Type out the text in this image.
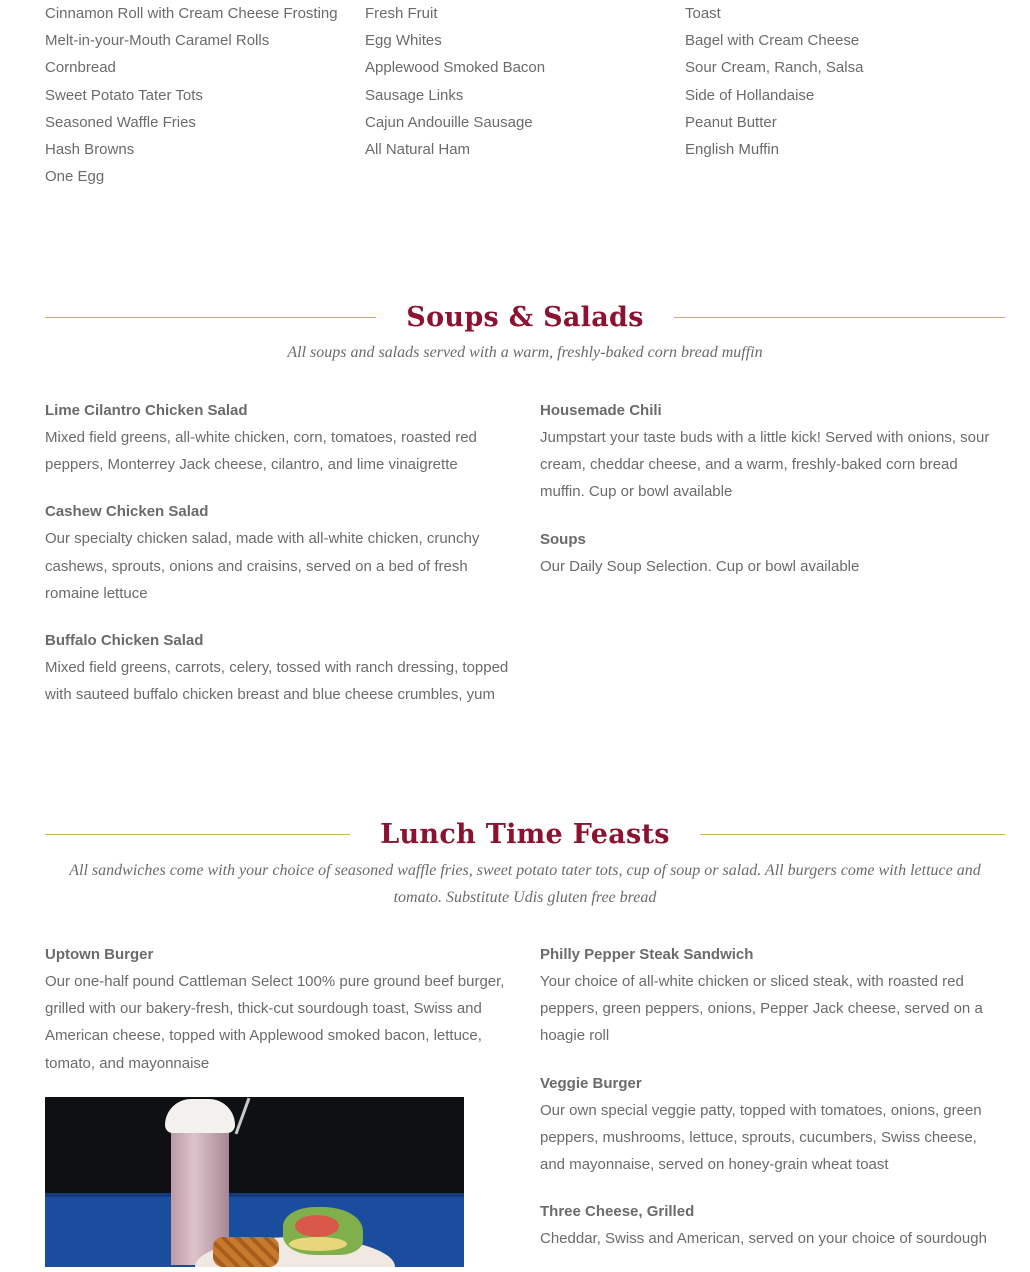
Cinnamon Roll with Cream Cheese Frosting
Melt-in-your-Mouth Caramel Rolls
Cornbread
Sweet Potato Tater Tots
Seasoned Waffle Fries
Hash Browns
One Egg
Fresh Fruit
Egg Whites
Applewood Smoked Bacon
Sausage Links
Cajun Andouille Sausage
All Natural Ham
Toast
Bagel with Cream Cheese
Sour Cream, Ranch, Salsa
Side of Hollandaise
Peanut Butter
English Muffin
Soups & Salads
All soups and salads served with a warm, freshly-baked corn bread muffin
Lime Cilantro Chicken Salad
Mixed field greens, all-white chicken, corn, tomatoes, roasted red peppers, Monterrey Jack cheese, cilantro, and lime vinaigrette
Cashew Chicken Salad
Our specialty chicken salad, made with all-white chicken, crunchy cashews, sprouts, onions and craisins, served on a bed of fresh romaine lettuce
Buffalo Chicken Salad
Mixed field greens, carrots, celery, tossed with ranch dressing, topped with sauteed buffalo chicken breast and blue cheese crumbles, yum
Housemade Chili
Jumpstart your taste buds with a little kick! Served with onions, sour cream, cheddar cheese, and a warm, freshly-baked corn bread muffin. Cup or bowl available
Soups
Our Daily Soup Selection. Cup or bowl available
Lunch Time Feasts
All sandwiches come with your choice of seasoned waffle fries, sweet potato tater tots, cup of soup or salad. All burgers come with lettuce and tomato. Substitute Udis gluten free bread
Uptown Burger
Our one-half pound Cattleman Select 100% pure ground beef burger, grilled with our bakery-fresh, thick-cut sourdough toast, Swiss and American cheese, topped with Applewood smoked bacon, lettuce, tomato, and mayonnaise
Philly Pepper Steak Sandwich
Your choice of all-white chicken or sliced steak, with roasted red peppers, green peppers, onions, Pepper Jack cheese, served on a hoagie roll
Veggie Burger
Our own special veggie patty, topped with tomatoes, onions, green peppers, mushrooms, lettuce, sprouts, cucumbers, Swiss cheese, and mayonnaise, served on honey-grain wheat toast
Three Cheese, Grilled
Cheddar, Swiss and American, served on your choice of sourdough
